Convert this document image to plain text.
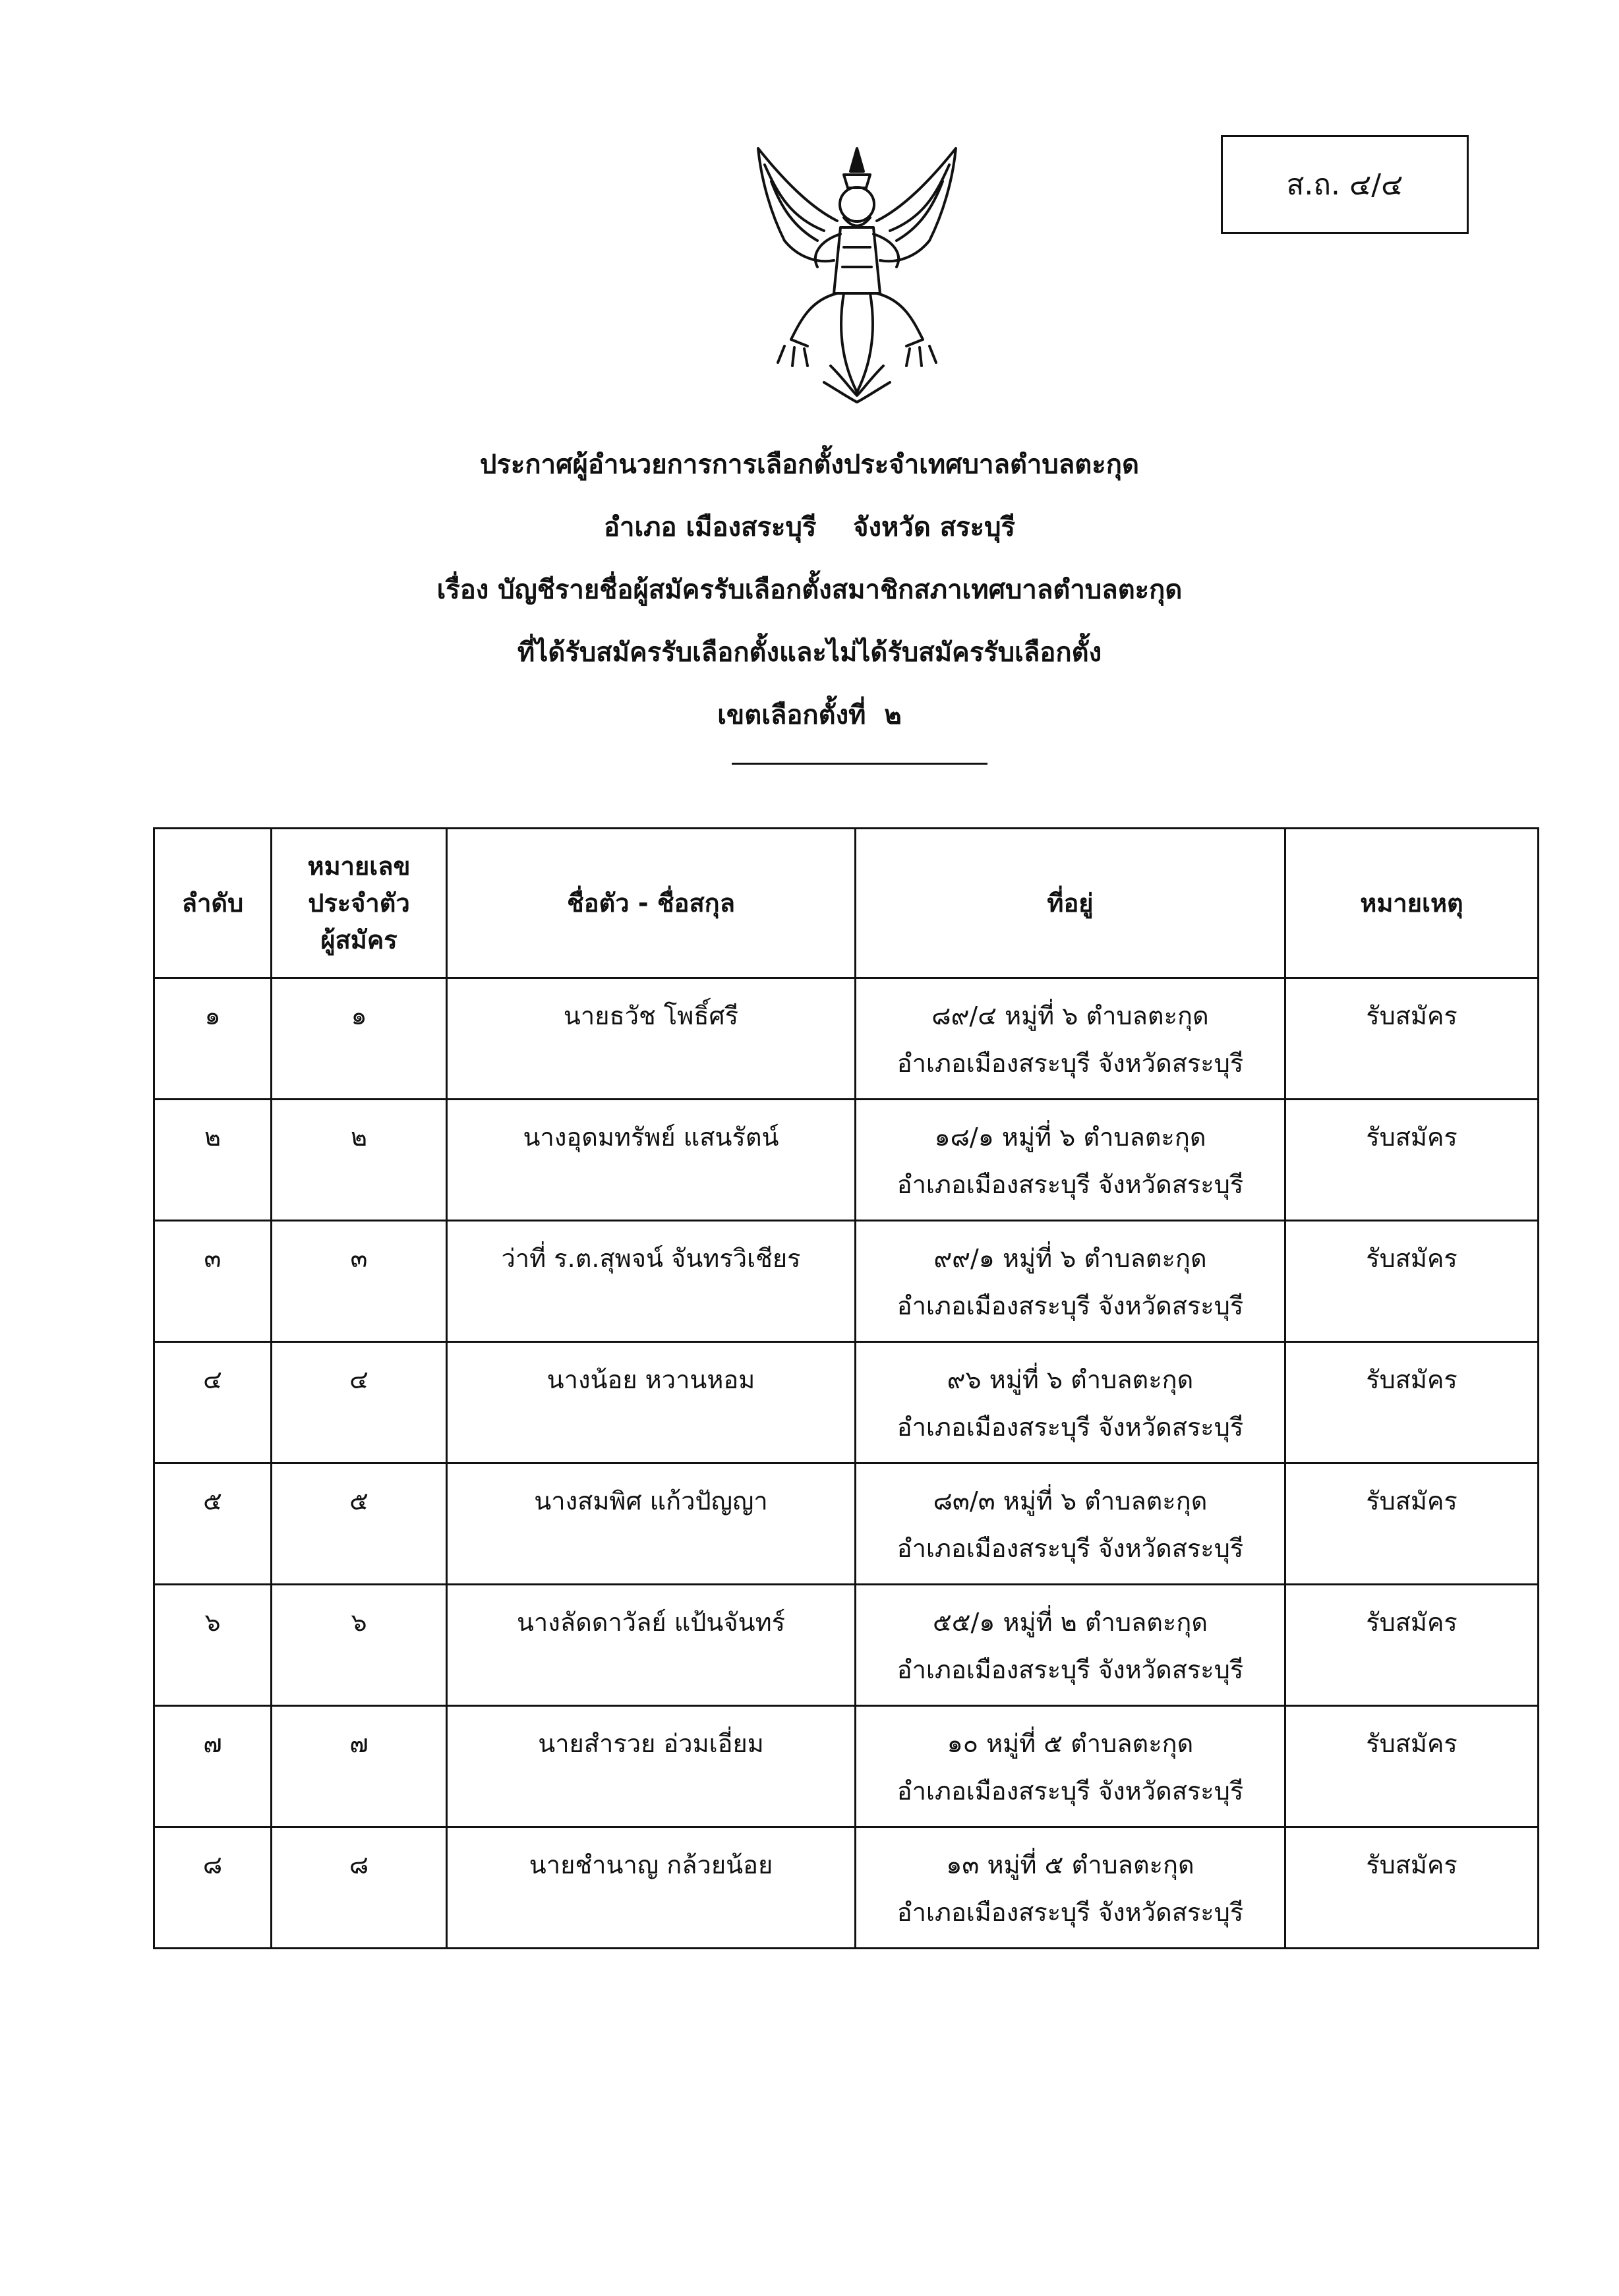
ส.ถ. ๔/๔
ประกาศผู้อำนวยการการเลือกตั้งประจำเทศบาลตำบลตะกุด
อำเภอ เมืองสระบุรี    จังหวัด สระบุรี
เรื่อง บัญชีรายชื่อผู้สมัครรับเลือกตั้งสมาชิกสภาเทศบาลตำบลตะกุด
ที่ได้รับสมัครรับเลือกตั้งและไม่ได้รับสมัครรับเลือกตั้ง
เขตเลือกตั้งที่  ๒
ลำดับ	หมายเลข
ประจำตัว
ผู้สมัคร	ชื่อตัว - ชื่อสกุล	ที่อยู่	หมายเหตุ
๑	๑	นายธวัช โพธิ์ศรี	๘๙/๔ หมู่ที่ ๖ ตำบลตะกุด
อำเภอเมืองสระบุรี จังหวัดสระบุรี	รับสมัคร
๒	๒	นางอุดมทรัพย์ แสนรัตน์	๑๘/๑ หมู่ที่ ๖ ตำบลตะกุด
อำเภอเมืองสระบุรี จังหวัดสระบุรี	รับสมัคร
๓	๓	ว่าที่ ร.ต.สุพจน์ จันทรวิเชียร	๙๙/๑ หมู่ที่ ๖ ตำบลตะกุด
อำเภอเมืองสระบุรี จังหวัดสระบุรี	รับสมัคร
๔	๔	นางน้อย หวานหอม	๙๖ หมู่ที่ ๖ ตำบลตะกุด
อำเภอเมืองสระบุรี จังหวัดสระบุรี	รับสมัคร
๕	๕	นางสมพิศ แก้วปัญญา	๘๓/๓ หมู่ที่ ๖ ตำบลตะกุด
อำเภอเมืองสระบุรี จังหวัดสระบุรี	รับสมัคร
๖	๖	นางลัดดาวัลย์ แป้นจันทร์	๕๕/๑ หมู่ที่ ๒ ตำบลตะกุด
อำเภอเมืองสระบุรี จังหวัดสระบุรี	รับสมัคร
๗	๗	นายสำรวย อ่วมเอี่ยม	๑๐ หมู่ที่ ๕ ตำบลตะกุด
อำเภอเมืองสระบุรี จังหวัดสระบุรี	รับสมัคร
๘	๘	นายชำนาญ กล้วยน้อย	๑๓ หมู่ที่ ๕ ตำบลตะกุด
อำเภอเมืองสระบุรี จังหวัดสระบุรี	รับสมัคร
